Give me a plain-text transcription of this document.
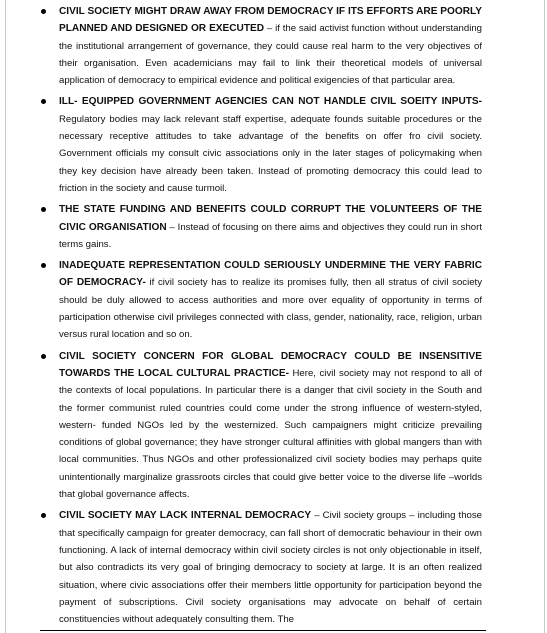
CIVIL SOCIETY MIGHT DRAW AWAY FROM DEMOCRACY IF ITS EFFORTS ARE POORLY PLANNED AND DESIGNED OR EXECUTED – if the said activist function without understanding the institutional arrangement of governance, they could cause real harm to the very objectives of their organisation. Even academicians may fail to link their theoretical models of universal application of democracy to empirical evidence and political exigencies of that particular area.
ILL- EQUIPPED GOVERNMENT AGENCIES CAN NOT HANDLE CIVIL SOEITY INPUTS- Regulatory bodies may lack relevant staff expertise, adequate founds suitable procedures or the necessary receptive attitudes to take advantage of the benefits on offer fro civil society. Government officials my consult civic associations only in the later stages of policymaking when they key decision have already been taken. Instead of promoting democracy this could lead to friction in the society and cause turmoil.
THE STATE FUNDING AND BENEFITS COULD CORRUPT THE VOLUNTEERS OF THE CIVIC ORGANISATION – Instead of focusing on there aims and objectives they could run in short terms gains.
INADEQUATE REPRESENTATION COULD SERIOUSLY UNDERMINE THE VERY FABRIC OF DEMOCRACY- if civil society has to realize its promises fully, then all stratus of civil society should be duly allowed to access authorities and more over equality of opportunity in terms of participation otherwise civil privileges connected with class, gender, nationality, race, religion, urban versus rural location and so on.
CIVIL SOCIETY CONCERN FOR GLOBAL DEMOCRACY COULD BE INSENSITIVE TOWARDS THE LOCAL CULTURAL PRACTICE- Here, civil society may not respond to all of the contexts of local populations. In particular there is a danger that civil society in the South and the former communist ruled countries could come under the strong influence of western-styled, western- funded NGOs led by the westernized. Such campaigners might criticize prevailing conditions of global governance; they have stronger cultural affinities with global mangers than with local communities. Thus NGOs and other professionalized civil society bodies may perhaps quite unintentionally marginalize grassroots circles that could give better voice to the diverse life –worlds that global governance affects.
CIVIL SOCIETY MAY LACK INTERNAL DEMOCRACY – Civil society groups – including those that specifically campaign for greater democracy, can fall short of democratic behaviour in their own functioning. A lack of internal democracy within civil society circles is not only objectionable in itself, but also contradicts its very goal of bringing democracy to society at large. It is an often realized situation, where civic associations offer their members little opportunity for participation beyond the payment of subscriptions. Civil society organisations may advocate on behalf of certain constituencies without adequately consulting them. The
